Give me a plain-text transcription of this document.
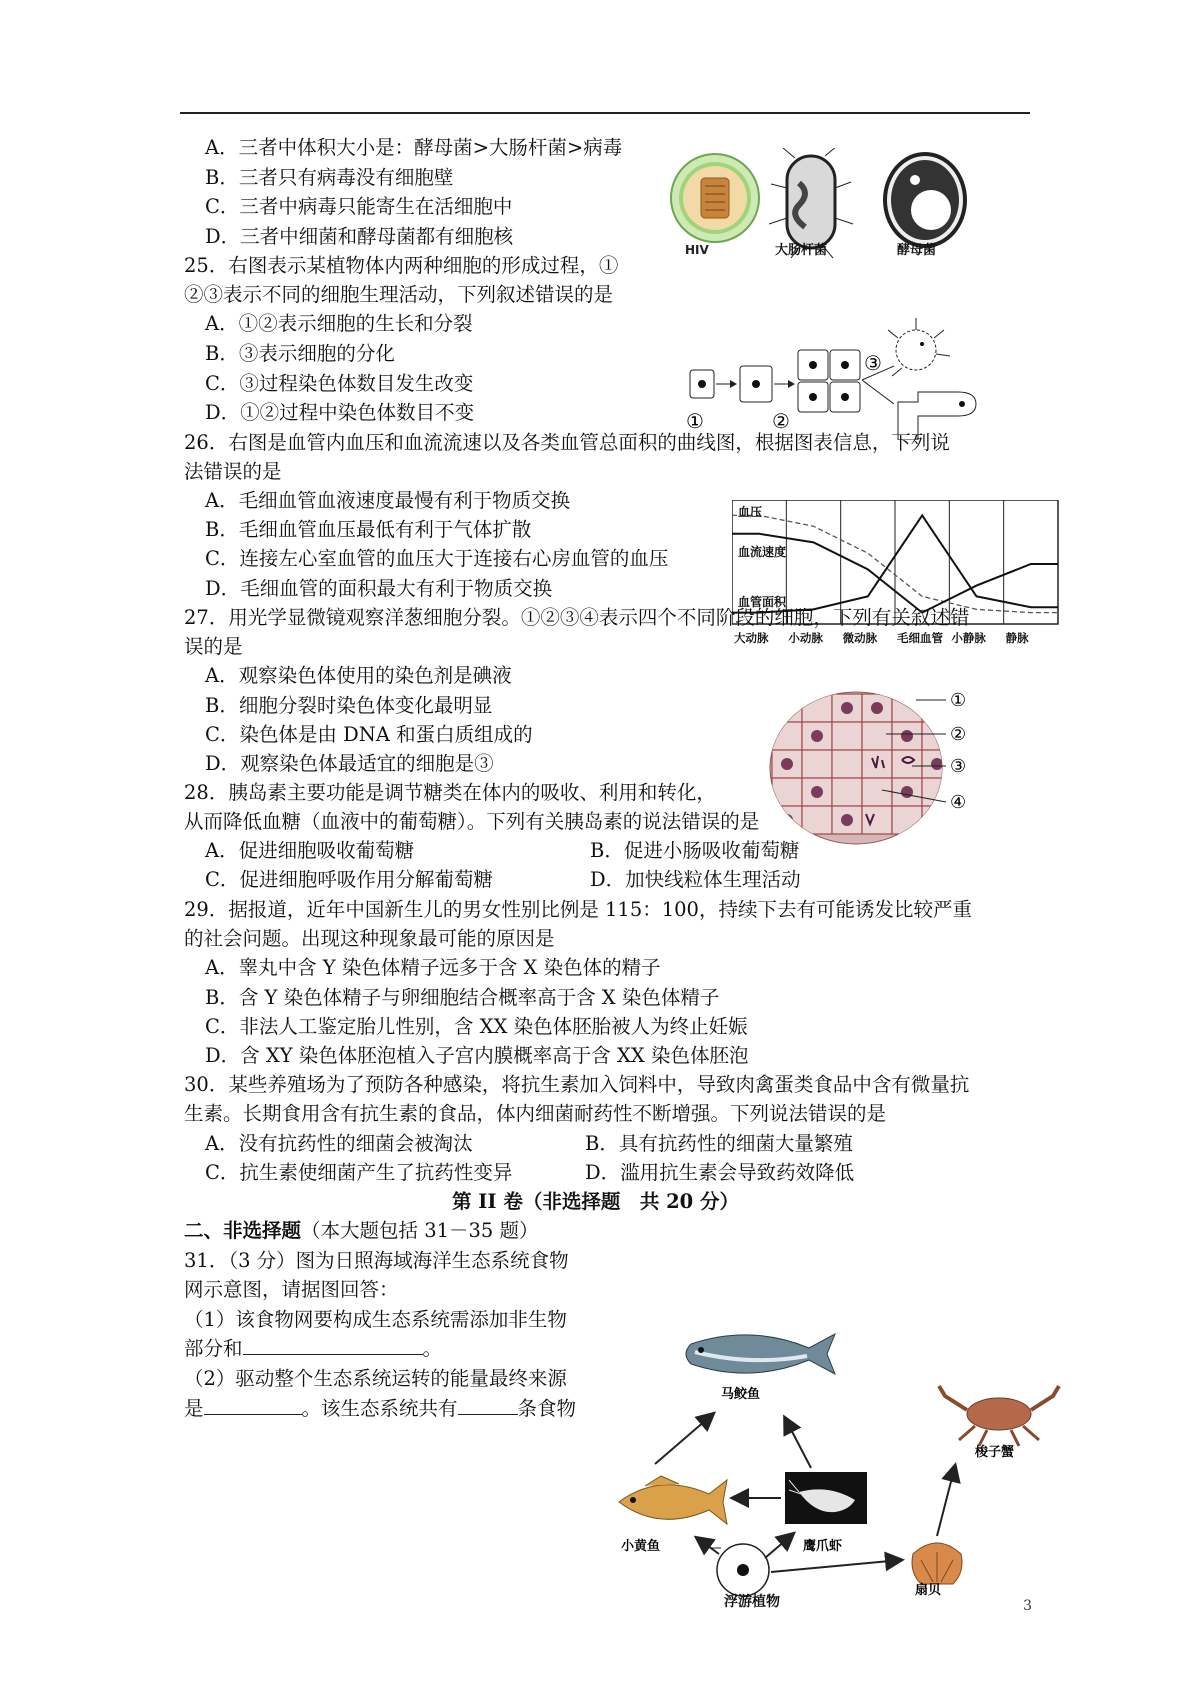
A．三者中体积大小是：酵母菌>大肠杆菌>病毒
B．三者只有病毒没有细胞壁
C．三者中病毒只能寄生在活细胞中
D．三者中细菌和酵母菌都有细胞核
HIV	大肠杆菌	酵母菌
25．右图表示某植物体内两种细胞的形成过程，①
②③表示不同的细胞生理活动，下列叙述错误的是
A．①②表示细胞的生长和分裂
B．③表示细胞的分化
C．③过程染色体数目发生改变
D．①②过程中染色体数目不变	①	②
③
26．右图是血管内血压和血流流速以及各类血管总面积的曲线图，根据图表信息，下列说
法错误的是
A．毛细血管血液速度最慢有利于物质交换
B．毛细血管血压最低有利于气体扩散
C．连接左心室血管的血压大于连接右心房血管的血压
D．毛细血管的面积最大有利于物质交换
血压
血流速度
血管面积
大动脉 小动脉 微动脉 毛细血管 小静脉 静脉
27．用光学显微镜观察洋葱细胞分裂。①②③④表示四个不同阶段的细胞，下列有关叙述错
误的是
A．观察染色体使用的染色剂是碘液
B．细胞分裂时染色体变化最明显
C．染色体是由 DNA 和蛋白质组成的
D．观察染色体最适宜的细胞是③
①
②
③
④
28．胰岛素主要功能是调节糖类在体内的吸收、利用和转化，
从而降低血糖（血液中的葡萄糖）。下列有关胰岛素的说法错误的是
A．促进细胞吸收葡萄糖	B．促进小肠吸收葡萄糖
C．促进细胞呼吸作用分解葡萄糖	D．加快线粒体生理活动
29．据报道，近年中国新生儿的男女性别比例是 115：100，持续下去有可能诱发比较严重
的社会问题。出现这种现象最可能的原因是
A．睾丸中含 Y 染色体精子远多于含 X 染色体的精子
B．含 Y 染色体精子与卵细胞结合概率高于含 X 染色体精子
C．非法人工鉴定胎儿性别，含 XX 染色体胚胎被人为终止妊娠
D．含 XY 染色体胚泡植入子宫内膜概率高于含 XX 染色体胚泡
30．某些养殖场为了预防各种感染，将抗生素加入饲料中，导致肉禽蛋类食品中含有微量抗
生素。长期食用含有抗生素的食品，体内细菌耐药性不断增强。下列说法错误的是
A．没有抗药性的细菌会被淘汰	B．具有抗药性的细菌大量繁殖
C．抗生素使细菌产生了抗药性变异	D．滥用抗生素会导致药效降低
第 II 卷（非选择题　共 20 分）
二、非选择题（本大题包括 31－35 题）
31．（3 分）图为日照海域海洋生态系统食物
网示意图，请据图回答：
（1）该食物网要构成生态系统需添加非生物
部分和	。
（2）驱动整个生态系统运转的能量最终来源
是	。该生态系统共有	条食物
马鲛鱼
梭子蟹
小黄鱼	鹰爪虾
扇贝
浮游植物	3
